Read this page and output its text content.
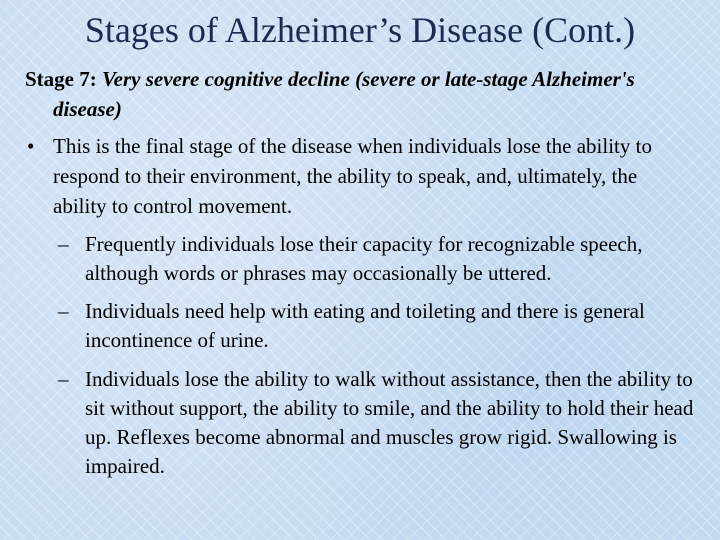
Stages of Alzheimer’s Disease (Cont.)
Stage 7: Very severe cognitive decline (severe or late-stage Alzheimer's disease)
• This is the final stage of the disease when individuals lose the ability to respond to their environment, the ability to speak, and, ultimately, the ability to control movement.
– Frequently individuals lose their capacity for recognizable speech, although words or phrases may occasionally be uttered.
– Individuals need help with eating and toileting and there is general incontinence of urine.
– Individuals lose the ability to walk without assistance, then the ability to sit without support, the ability to smile, and the ability to hold their head up. Reflexes become abnormal and muscles grow rigid. Swallowing is impaired.
